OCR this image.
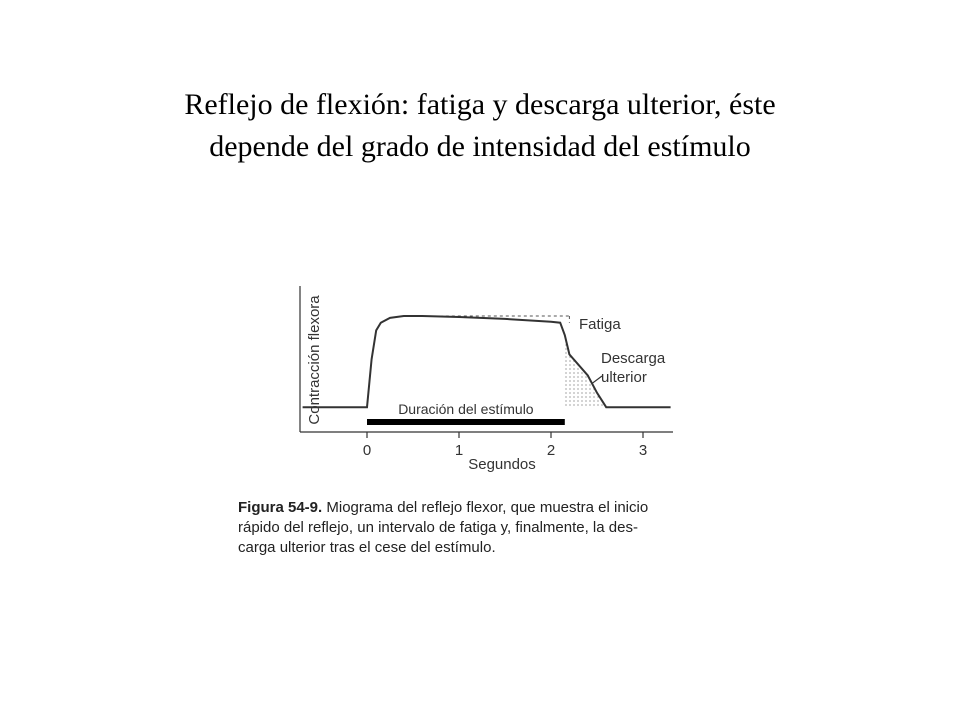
Reflejo de flexión: fatiga y descarga ulterior, éste
depende del grado de intensidad del estímulo
Contracción flexora
Segundos
0	1	2	3
Duración del estímulo
Fatiga
Descarga
ulterior
Figura 54-9. Miograma del reflejo flexor, que muestra el inicio
rápido del reflejo, un intervalo de fatiga y, finalmente, la des-
carga ulterior tras el cese del estímulo.
